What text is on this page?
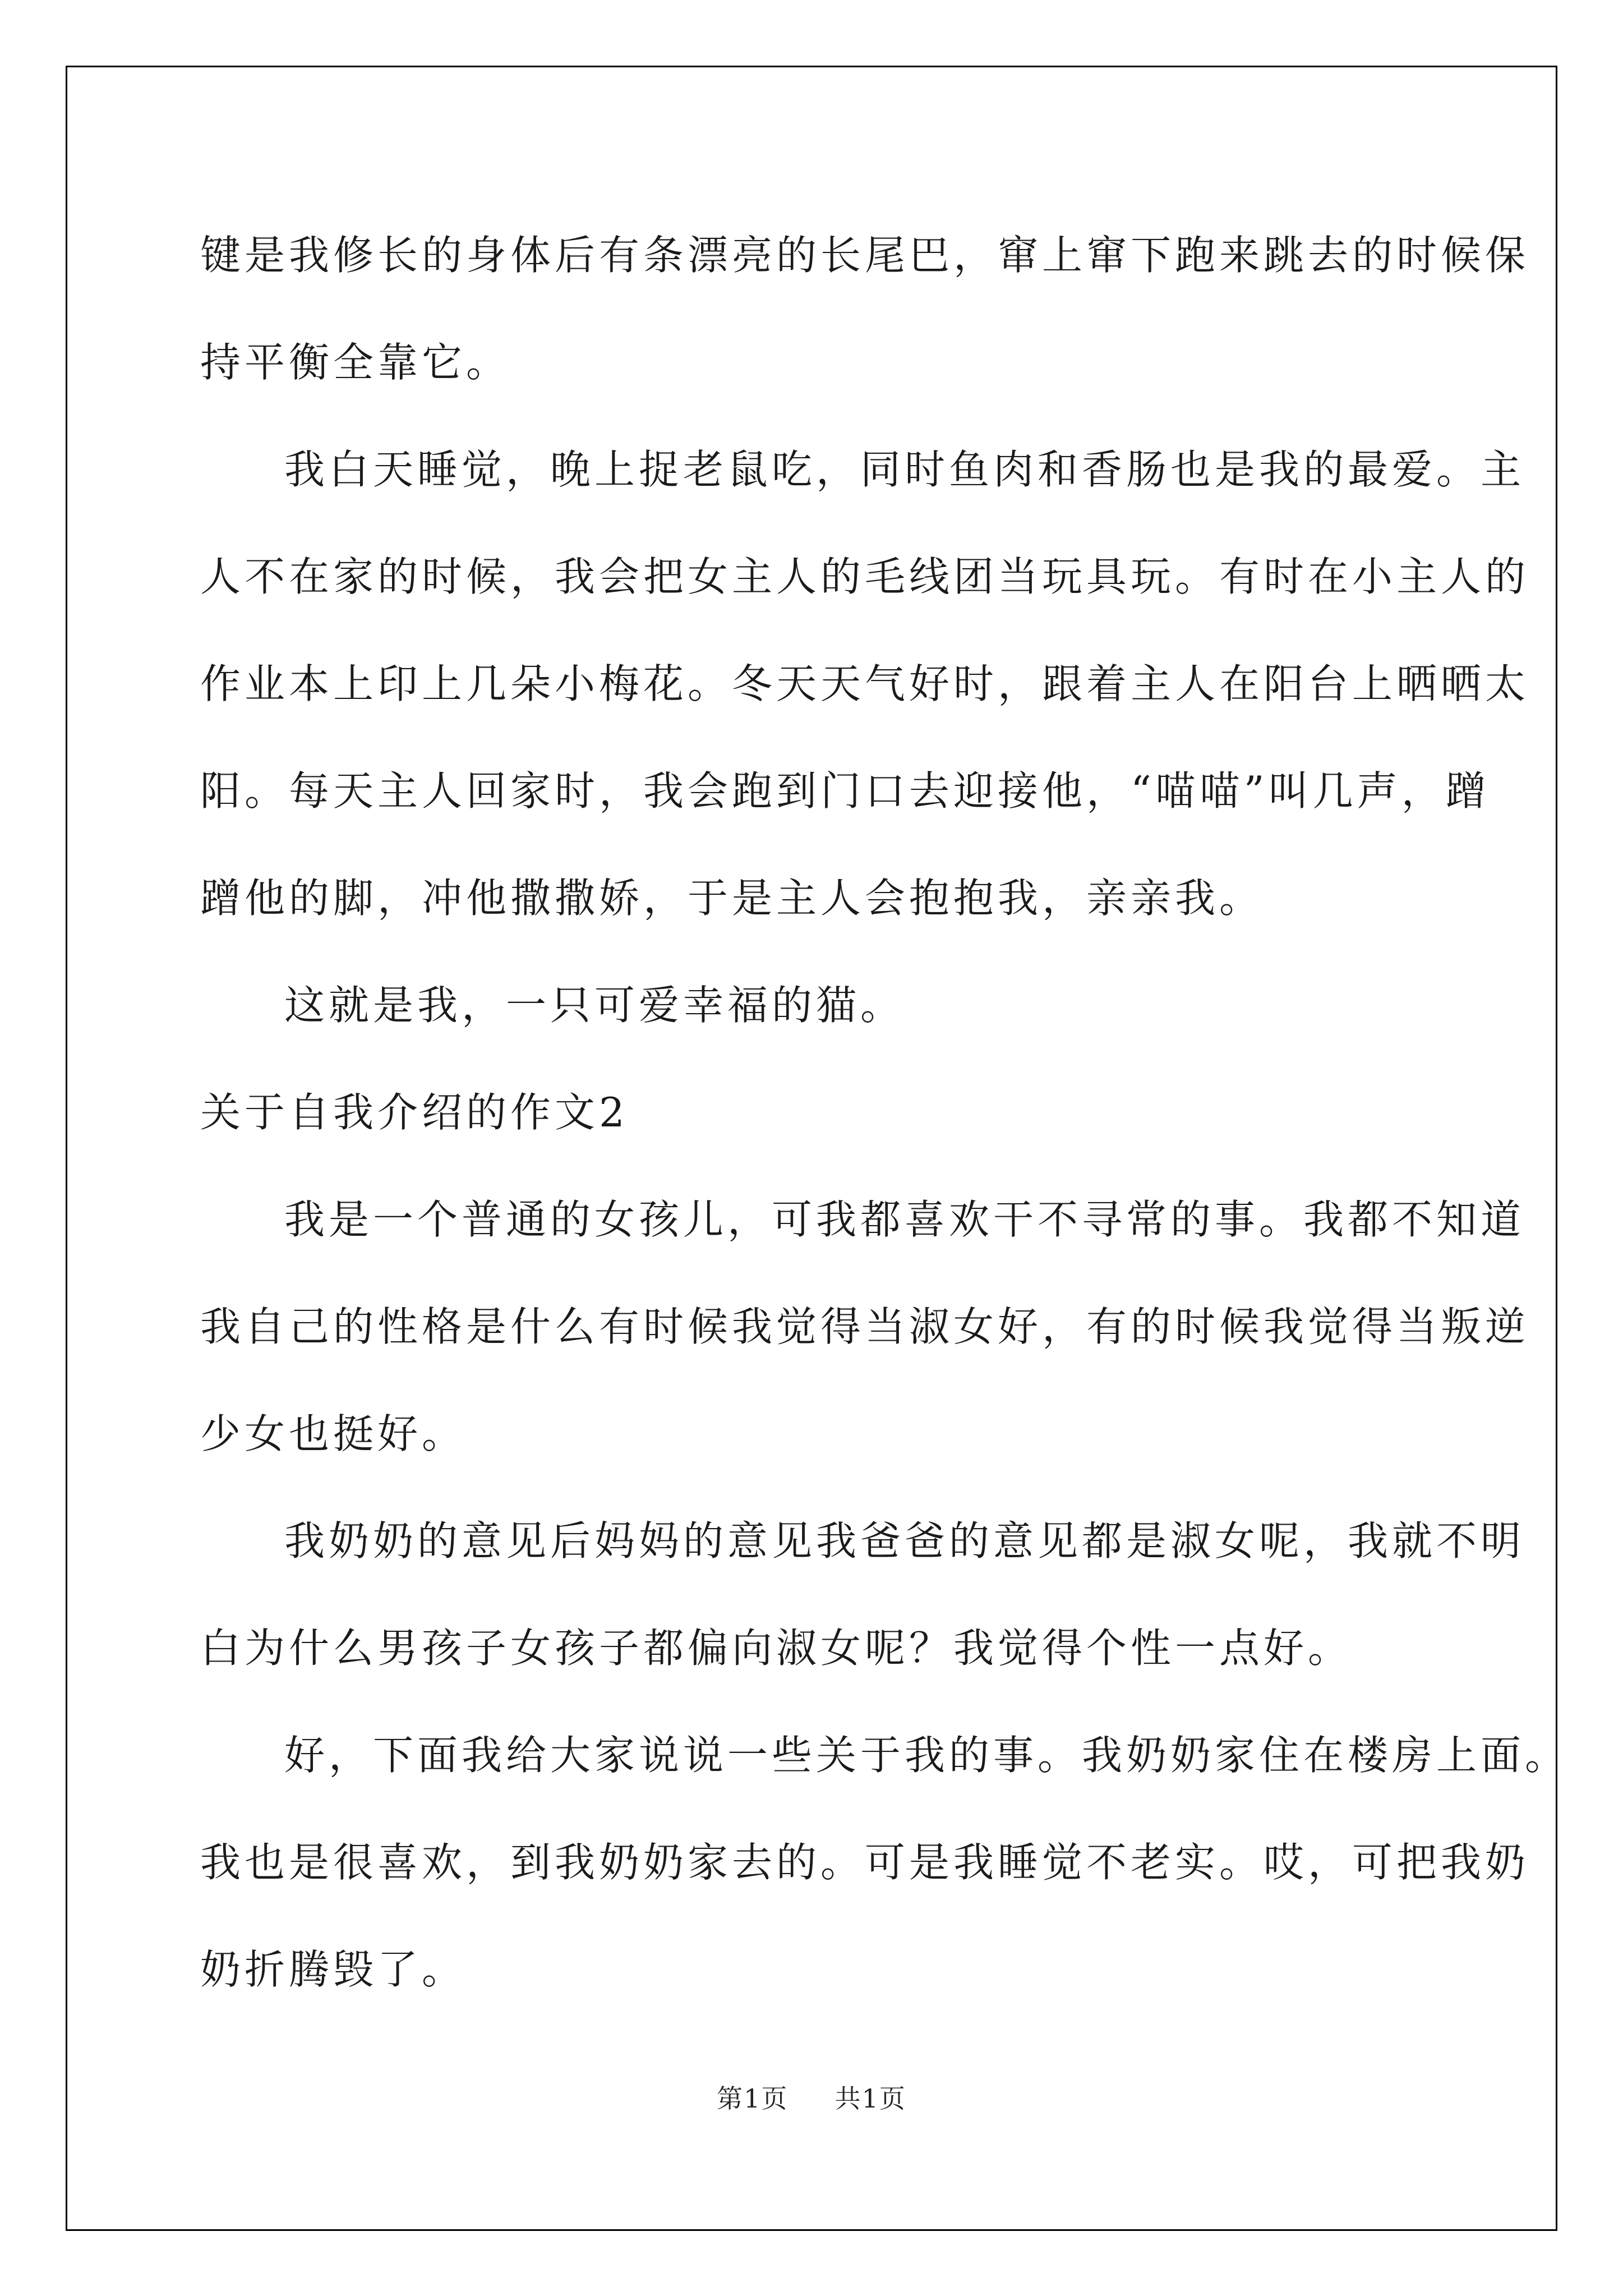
键是我修长的身体后有条漂亮的长尾巴，窜上窜下跑来跳去的时候保

持平衡全靠它。

我白天睡觉，晚上捉老鼠吃，同时鱼肉和香肠也是我的最爱。主

人不在家的时候，我会把女主人的毛线团当玩具玩。有时在小主人的

作业本上印上几朵小梅花。冬天天气好时，跟着主人在阳台上晒晒太

阳。每天主人回家时，我会跑到门口去迎接他，“喵喵”叫几声，蹭

蹭他的脚，冲他撒撒娇，于是主人会抱抱我，亲亲我。

这就是我，一只可爱幸福的猫。

关于自我介绍的作文2

我是一个普通的女孩儿，可我都喜欢干不寻常的事。我都不知道

我自己的性格是什么有时候我觉得当淑女好，有的时候我觉得当叛逆

少女也挺好。

我奶奶的意见后妈妈的意见我爸爸的意见都是淑女呢，我就不明

白为什么男孩子女孩子都偏向淑女呢？我觉得个性一点好。

好，下面我给大家说说一些关于我的事。我奶奶家住在楼房上面。

我也是很喜欢，到我奶奶家去的。可是我睡觉不老实。哎，可把我奶

奶折腾毁了。

第1页 共1页
